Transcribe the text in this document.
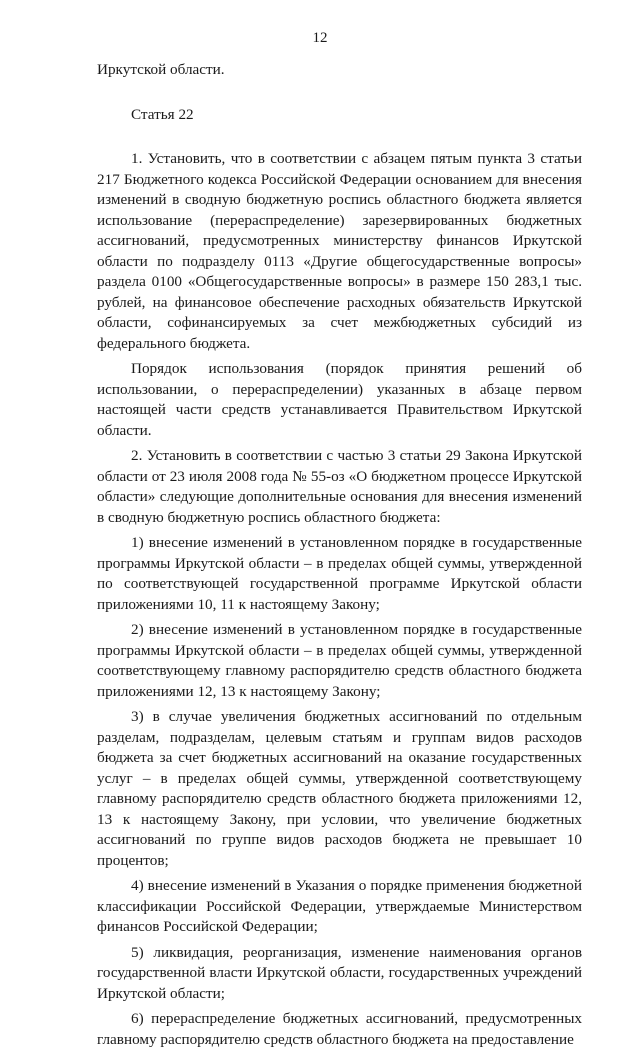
12

Иркутской области.

Статья 22

1. Установить, что в соответствии с абзацем пятым пункта 3 статьи 217 Бюджетного кодекса Российской Федерации основанием для внесения изменений в сводную бюджетную роспись областного бюджета является использование (перераспределение) зарезервированных бюджетных ассигнований, предусмотренных министерству финансов Иркутской области по подразделу 0113 «Другие общегосударственные вопросы» раздела 0100 «Общегосударственные вопросы» в размере 150 283,1 тыс. рублей, на финансовое обеспечение расходных обязательств Иркутской области, софинансируемых за счет межбюджетных субсидий из федерального бюджета.

Порядок использования (порядок принятия решений об использовании, о перераспределении) указанных в абзаце первом настоящей части средств устанавливается Правительством Иркутской области.

2. Установить в соответствии с частью 3 статьи 29 Закона Иркутской области от 23 июля 2008 года № 55-оз «О бюджетном процессе Иркутской области» следующие дополнительные основания для внесения изменений в сводную бюджетную роспись областного бюджета:

1) внесение изменений в установленном порядке в государственные программы Иркутской области – в пределах общей суммы, утвержденной по соответствующей государственной программе Иркутской области приложениями 10, 11 к настоящему Закону;

2) внесение изменений в установленном порядке в государственные программы Иркутской области – в пределах общей суммы, утвержденной соответствующему главному распорядителю средств областного бюджета приложениями 12, 13 к настоящему Закону;

3) в случае увеличения бюджетных ассигнований по отдельным разделам, подразделам, целевым статьям и группам видов расходов бюджета за счет бюджетных ассигнований на оказание государственных услуг – в пределах общей суммы, утвержденной соответствующему главному распорядителю средств областного бюджета приложениями 12, 13 к настоящему Закону, при условии, что увеличение бюджетных ассигнований по группе видов расходов бюджета не превышает 10 процентов;

4) внесение изменений в Указания о порядке применения бюджетной классификации Российской Федерации, утверждаемые Министерством финансов Российской Федерации;

5) ликвидация, реорганизация, изменение наименования органов государственной власти Иркутской области, государственных учреждений Иркутской области;

6) перераспределение бюджетных ассигнований, предусмотренных главному распорядителю средств областного бюджета на предоставление
